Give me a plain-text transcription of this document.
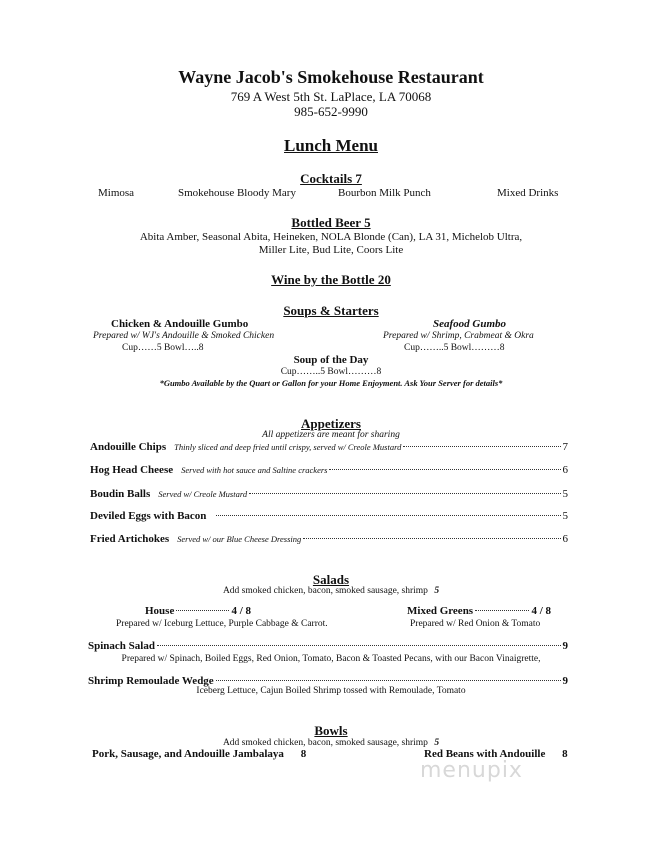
Wayne Jacob's Smokehouse Restaurant
769 A West 5th St. LaPlace, LA 70068
985-652-9990
Lunch Menu
Cocktails 7
Mimosa	Smokehouse Bloody Mary	Bourbon Milk Punch	Mixed Drinks
Bottled Beer 5
Abita Amber, Seasonal Abita, Heineken, NOLA Blonde (Can), LA 31, Michelob Ultra,
Miller Lite, Bud Lite, Coors Lite
Wine by the Bottle 20
Soups & Starters
Chicken & Andouille Gumbo
Prepared w/ WJ's Andouille & Smoked Chicken
Cup……5 Bowl…..8
Seafood Gumbo
Prepared w/ Shrimp, Crabmeat & Okra
Cup……..5 Bowl………8
Soup of the Day
Cup……..5 Bowl………8
*Gumbo Available by the Quart or Gallon for your Home Enjoyment. Ask Your Server for details*
Appetizers
All appetizers are meant for sharing
Andouille Chips Thinly sliced and deep fried until crispy, served w/ Creole Mustard	7
Hog Head Cheese Served with hot sauce and Saltine crackers	6
Boudin Balls Served w/ Creole Mustard	5
Deviled Eggs with Bacon	5
Fried Artichokes Served w/ our Blue Cheese Dressing	6
Salads
Add smoked chicken, bacon, smoked sausage, shrimp 5
House	4 / 8
Prepared w/ Iceburg Lettuce, Purple Cabbage & Carrot.
Mixed Greens	4 / 8
Prepared w/ Red Onion & Tomato
Spinach Salad	9
Prepared w/ Spinach, Boiled Eggs, Red Onion, Tomato, Bacon & Toasted Pecans, with our Bacon Vinaigrette,
Shrimp Remoulade Wedge	9
Iceberg Lettuce, Cajun Boiled Shrimp tossed with Remoulade, Tomato
Bowls
Add smoked chicken, bacon, smoked sausage, shrimp 5
Pork, Sausage, and Andouille Jambalaya 8	Red Beans with Andouille 8
menupix
